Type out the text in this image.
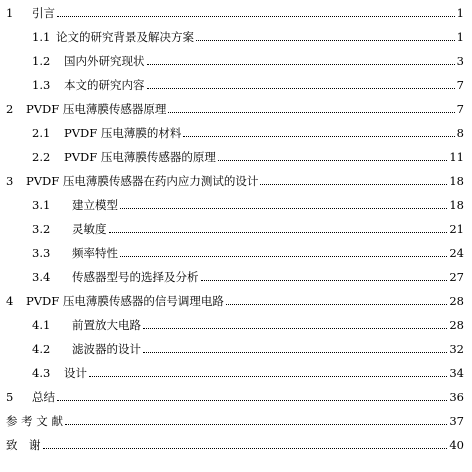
1	引言	1
1.1 论文的研究背景及解决方案	1
1.2	国内外研究现状	3
1.3	本文的研究内容	7
2	PVDF 压电薄膜传感器原理	7
2.1	PVDF 压电薄膜的材料	8
2.2	PVDF 压电薄膜传感器的原理	11
3	PVDF 压电薄膜传感器在药内应力测试的设计	18
3.1	建立模型	18
3.2	灵敏度	21
3.3	频率特性	24
3.4	传感器型号的选择及分析	27
4	PVDF 压电薄膜传感器的信号调理电路	28
4.1	前置放大电路	28
4.2	滤波器的设计	32
4.3	设计	34
5	总结	36
参 考 文 献	37
致　谢	40
